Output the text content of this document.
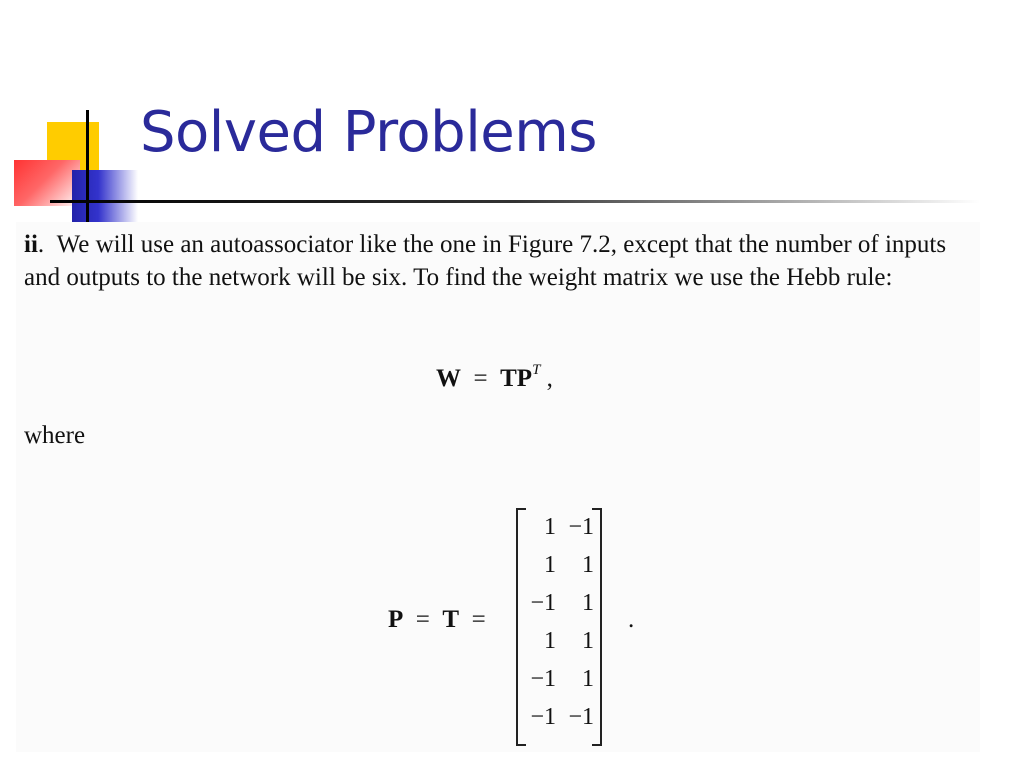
Solved Problems

ii. We will use an autoassociator like the one in Figure 7.2, except that the number of inputs and outputs to the network will be six. To find the weight matrix we use the Hebb rule:

$W = TP^T$ ,
where
P = T =
1 −1
1	1
−1	1
1	1
−1	1
−1 −1
.
